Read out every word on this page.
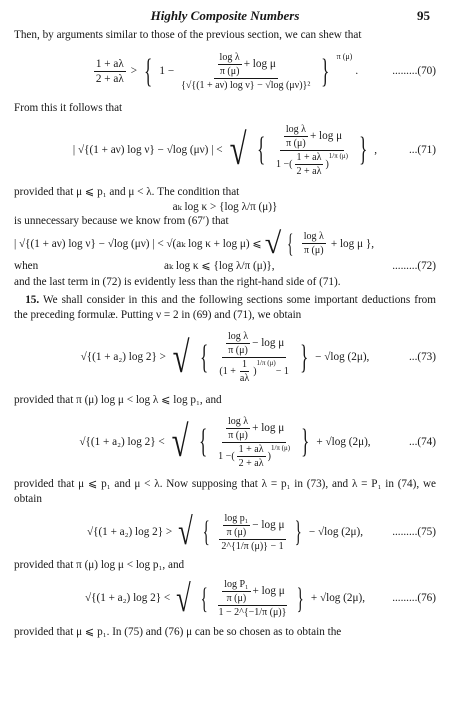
Highly Composite Numbers	95

Then, by arguments similar to those of the previous section, we can shew that

$\frac{1 + a\lambda}{2 + a\lambda}$ > { $1 - \frac{\frac{\text{log λ}}{\pi (\mu)} + \log \mu}{\text{\{√\{(1 + aν) log ν\} − √log (μν)\}²}}$ } π (μ)
.	.........(70)

From this it follows that

| √{(1 + aν) log ν} − √log (μν) | < √ { $\frac{\text{log λ}}{\pi (\mu)} + \log \mu$
1 − ( $\frac{1 + a\lambda}{2 + a\lambda}$ )
1/π (μ) } ,	...(71)

provided that μ ⩽ p₁ and μ < λ. The condition that

aₖ log κ > {log λ/π (μ)}

is unnecessary because we know from (67′) that

| √{(1 + aν) log ν} − √log (μν) | < √(aₖ log κ + log μ) ⩽ √ { $\frac{\text{log λ}}{\pi (\mu)} + \log \mu$ },
when	aₖ log κ ⩽ {log λ/π (μ)},	.........(72)

and the last term in (72) is evidently less than the right-hand side of (71).

 15. We shall consider in this and the following sections some important deductions from the preceding formulæ. Putting ν = 2 in (69) and (71), we obtain

√{(1 + a₂) log 2} > √ { $\frac{\text{log λ}}{\pi (\mu)} - \log \mu$
($1 + \frac{1}{a\lambda}$ )
1/π (μ)
− 1 } − √log (2μ),	...(73)

provided that π (μ) log μ < log λ ⩽ log p₁, and

√{(1 + a₂) log 2} < √ { $\frac{\text{log λ}}{\pi (\mu)} + \log \mu$
1 − ( $\frac{1 + a\lambda}{2 + a\lambda}$ )
1/π (μ) } + √log (2μ),	...(74)

provided that μ ⩽ p₁ and μ < λ. Now supposing that λ = p₁ in (73), and λ = P₁ in (74), we obtain

√{(1 + a₂) log 2} > √ { $\frac{\frac{\text{log p₁}}{\pi (\mu)} - \log \mu}{2\^{}\{1/\pi (\mu)\} - 1}$ } − √log (2μ),	.........(75)

provided that π (μ) log μ < log p₁, and

√{(1 + a₂) log 2} < √ { $\frac{\frac{\text{log P₁}}{\pi (\mu)} + \log \mu}{1 - 2\^{}\{-1/\pi (\mu)\}}$ } + √log (2μ), .........(76)

provided that μ ⩽ p₁. In (75) and (76) μ can be so chosen as to obtain the
